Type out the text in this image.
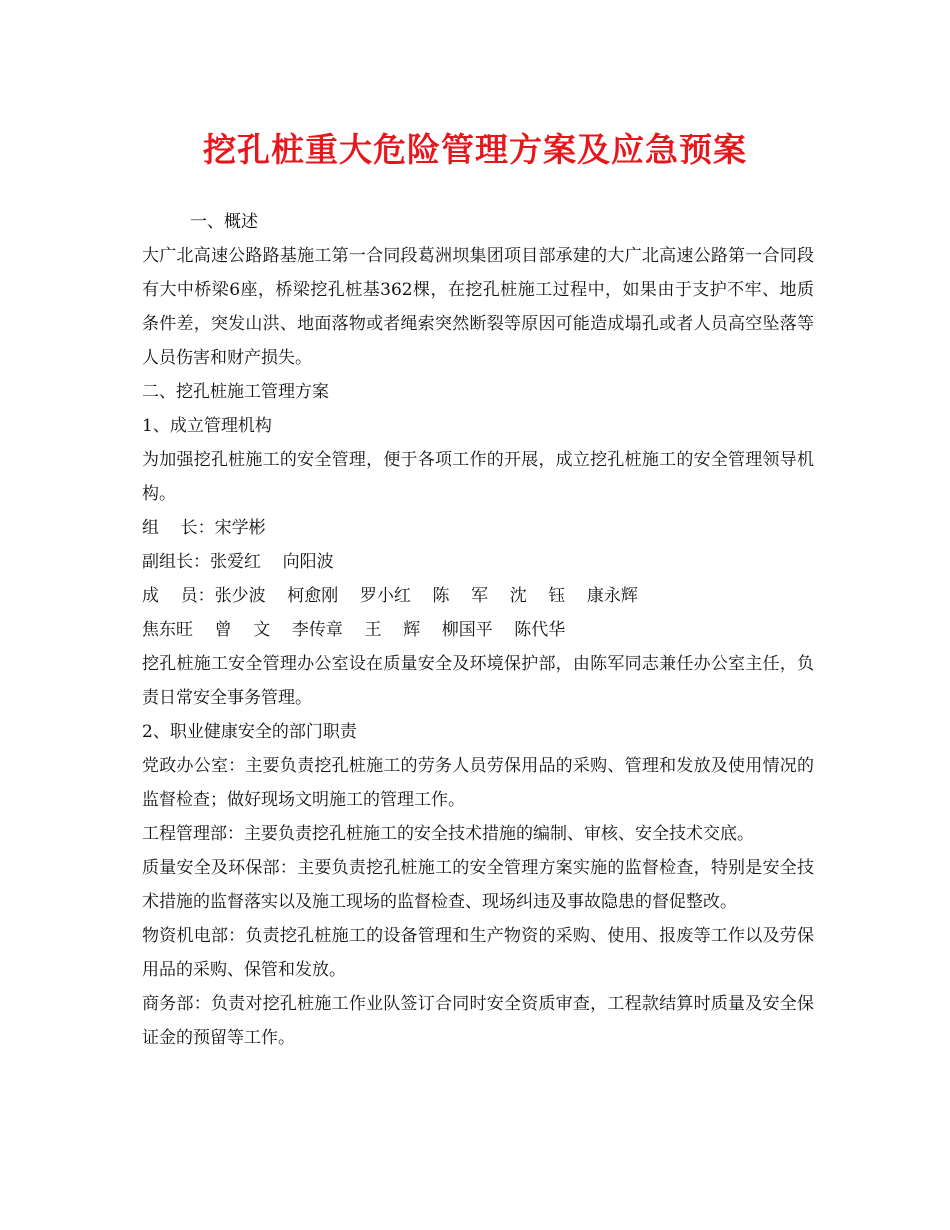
挖孔桩重大危险管理方案及应急预案

一、概述

大广北高速公路路基施工第一合同段葛洲坝集团项目部承建的大广北高速公路第一合同段有大中桥梁6座，桥梁挖孔桩基362棵，在挖孔桩施工过程中，如果由于支护不牢、地质条件差，突发山洪、地面落物或者绳索突然断裂等原因可能造成塌孔或者人员高空坠落等人员伤害和财产损失。

二、挖孔桩施工管理方案

1、成立管理机构

为加强挖孔桩施工的安全管理，便于各项工作的开展，成立挖孔桩施工的安全管理领导机构。

组    长：宋学彬

副组长：张爱红    向阳波

成    员：张少波    柯愈刚    罗小红    陈    军    沈    钰    康永辉

焦东旺    曾    文    李传章    王    辉    柳国平    陈代华

挖孔桩施工安全管理办公室设在质量安全及环境保护部，由陈军同志兼任办公室主任，负责日常安全事务管理。

2、职业健康安全的部门职责

党政办公室：主要负责挖孔桩施工的劳务人员劳保用品的采购、管理和发放及使用情况的监督检查；做好现场文明施工的管理工作。

工程管理部：主要负责挖孔桩施工的安全技术措施的编制、审核、安全技术交底。

质量安全及环保部：主要负责挖孔桩施工的安全管理方案实施的监督检查，特别是安全技术措施的监督落实以及施工现场的监督检查、现场纠违及事故隐患的督促整改。

物资机电部：负责挖孔桩施工的设备管理和生产物资的采购、使用、报废等工作以及劳保用品的采购、保管和发放。

商务部：负责对挖孔桩施工作业队签订合同时安全资质审查，工程款结算时质量及安全保证金的预留等工作。
